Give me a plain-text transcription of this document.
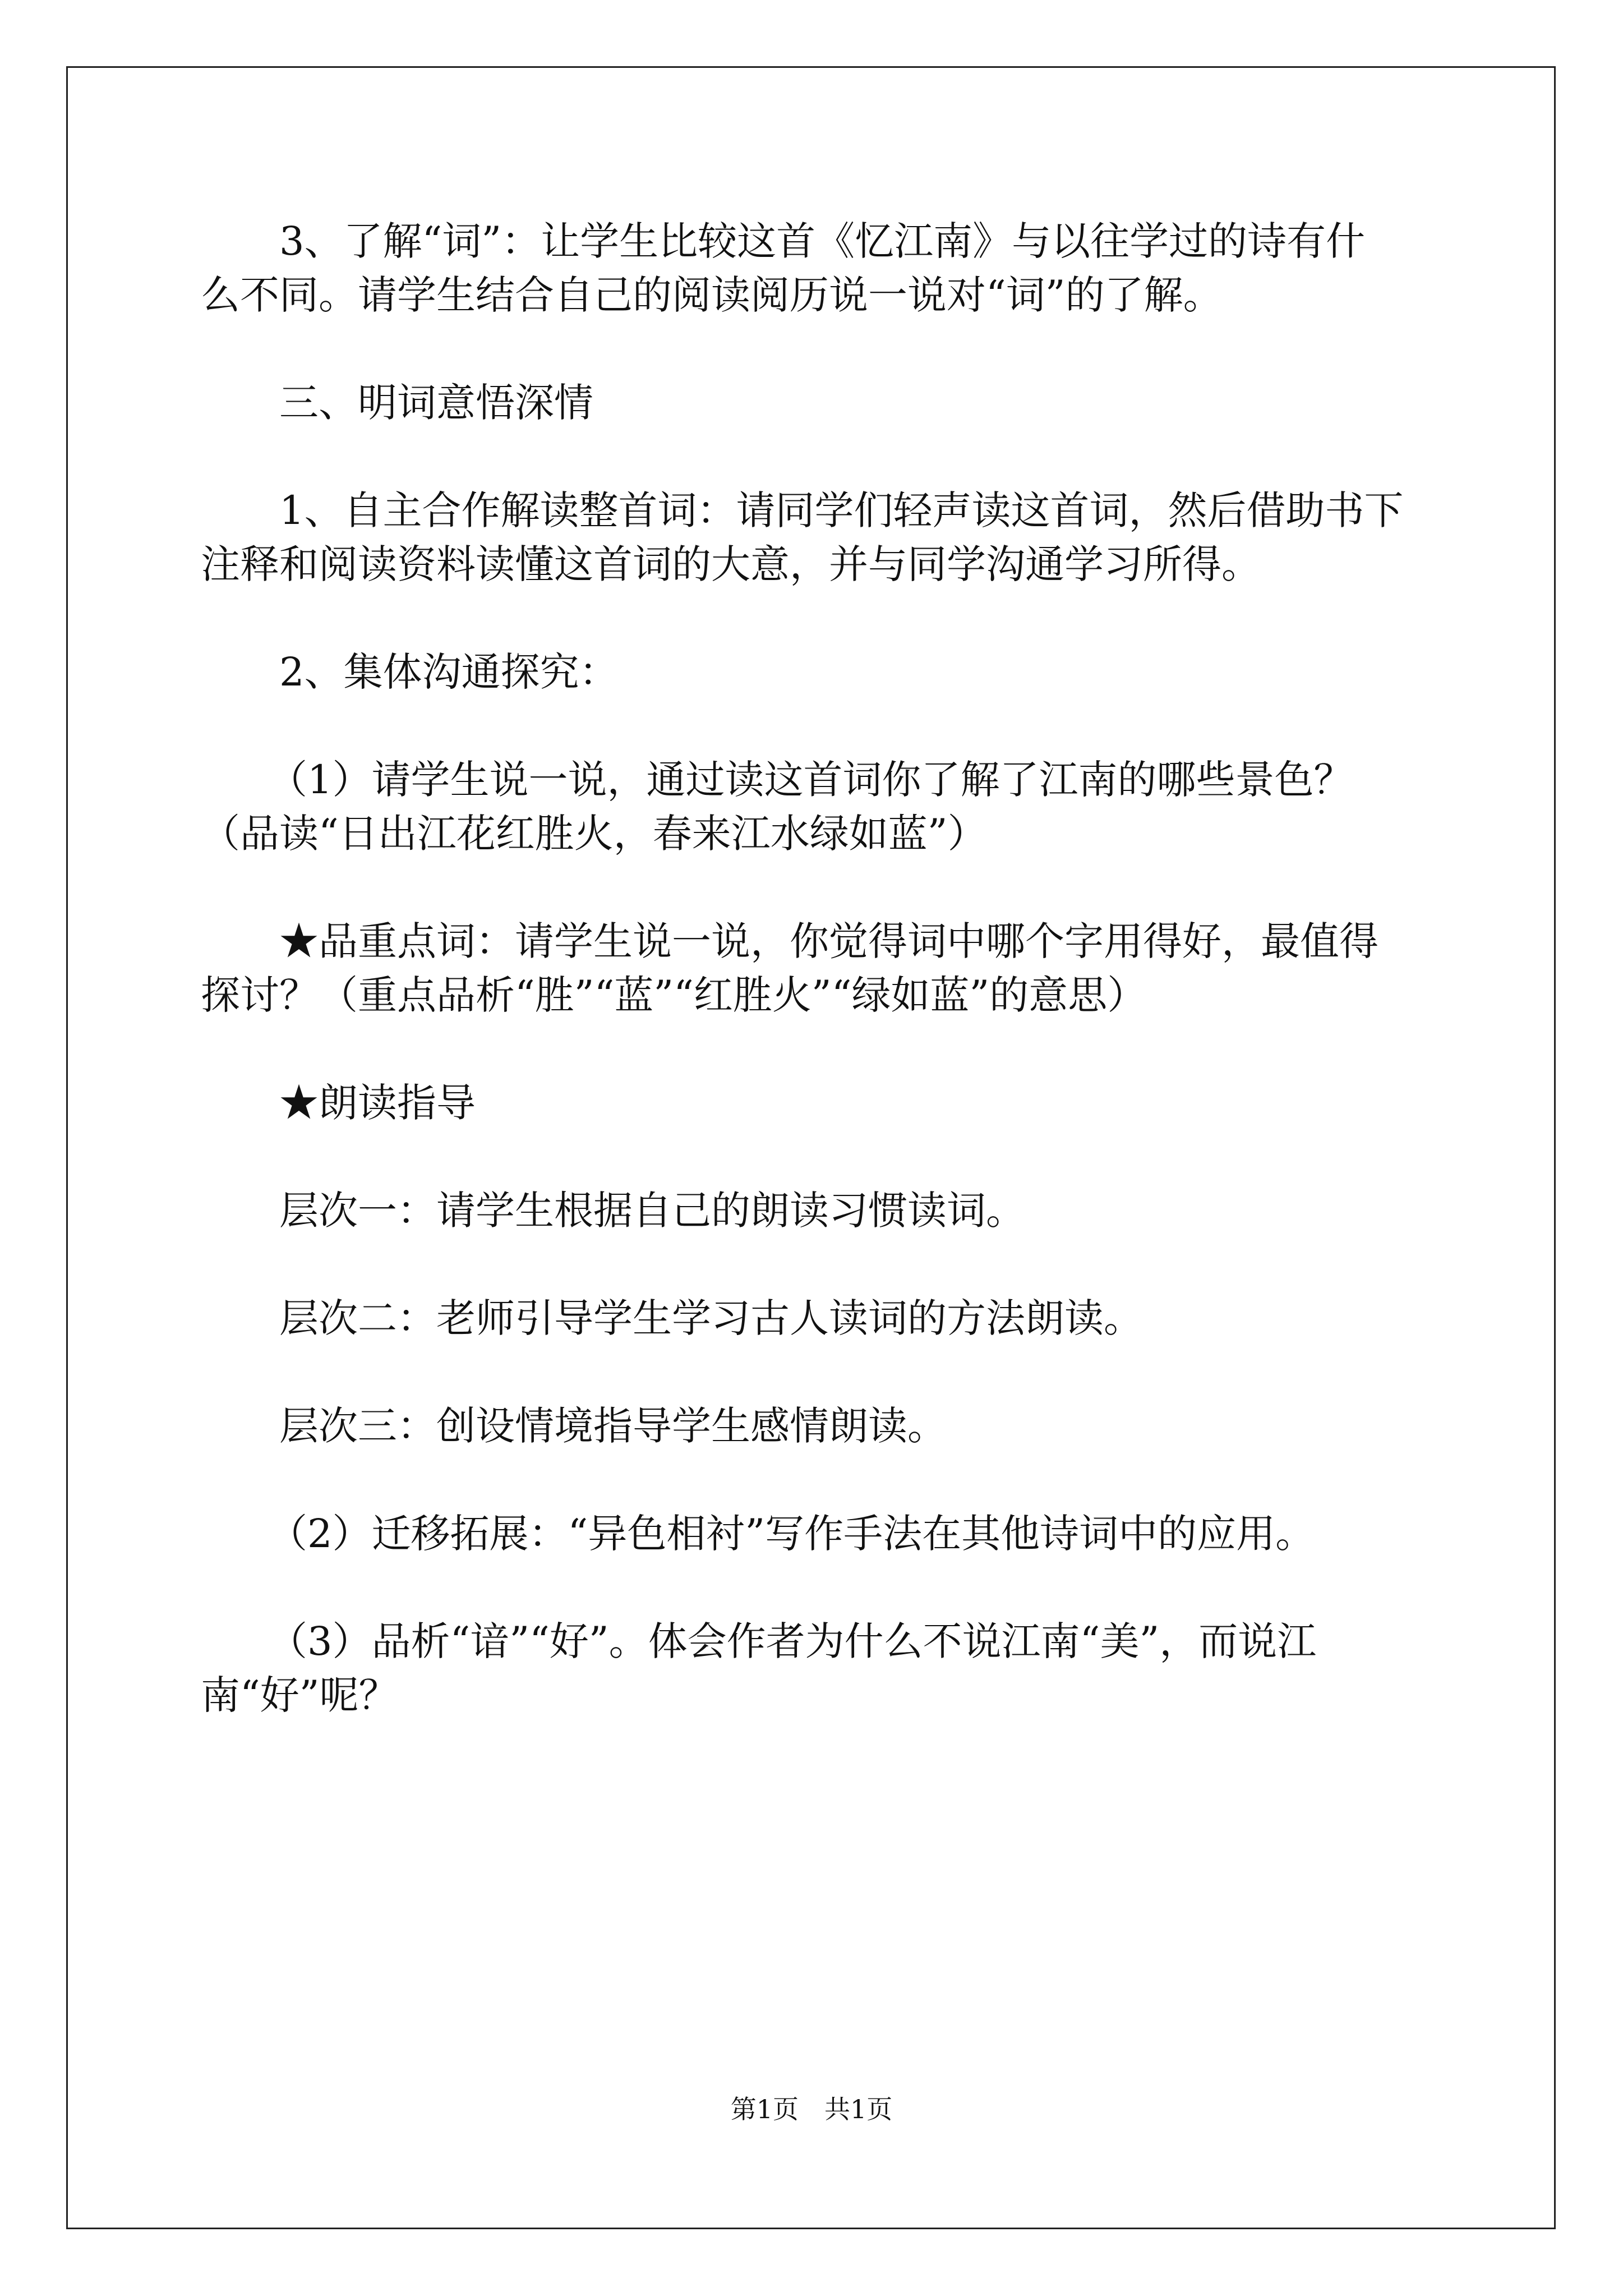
3、了解“词”：让学生比较这首《忆江南》与以往学过的诗有什

么不同。请学生结合自己的阅读阅历说一说对“词”的了解。

三、明词意悟深情

1、自主合作解读整首词：请同学们轻声读这首词，然后借助书下

注释和阅读资料读懂这首词的大意，并与同学沟通学习所得。

2、集体沟通探究：

（1）请学生说一说，通过读这首词你了解了江南的哪些景色？

（品读“日出江花红胜火，春来江水绿如蓝”）

★品重点词：请学生说一说，你觉得词中哪个字用得好，最值得

探讨？（重点品析“胜”“蓝”“红胜火”“绿如蓝”的意思）

★朗读指导

层次一：请学生根据自己的朗读习惯读词。

层次二：老师引导学生学习古人读词的方法朗读。

层次三：创设情境指导学生感情朗读。

（2）迁移拓展：“异色相衬”写作手法在其他诗词中的应用。

（3）品析“谙”“好”。体会作者为什么不说江南“美”，而说江

南“好”呢？

第1页　共1页
